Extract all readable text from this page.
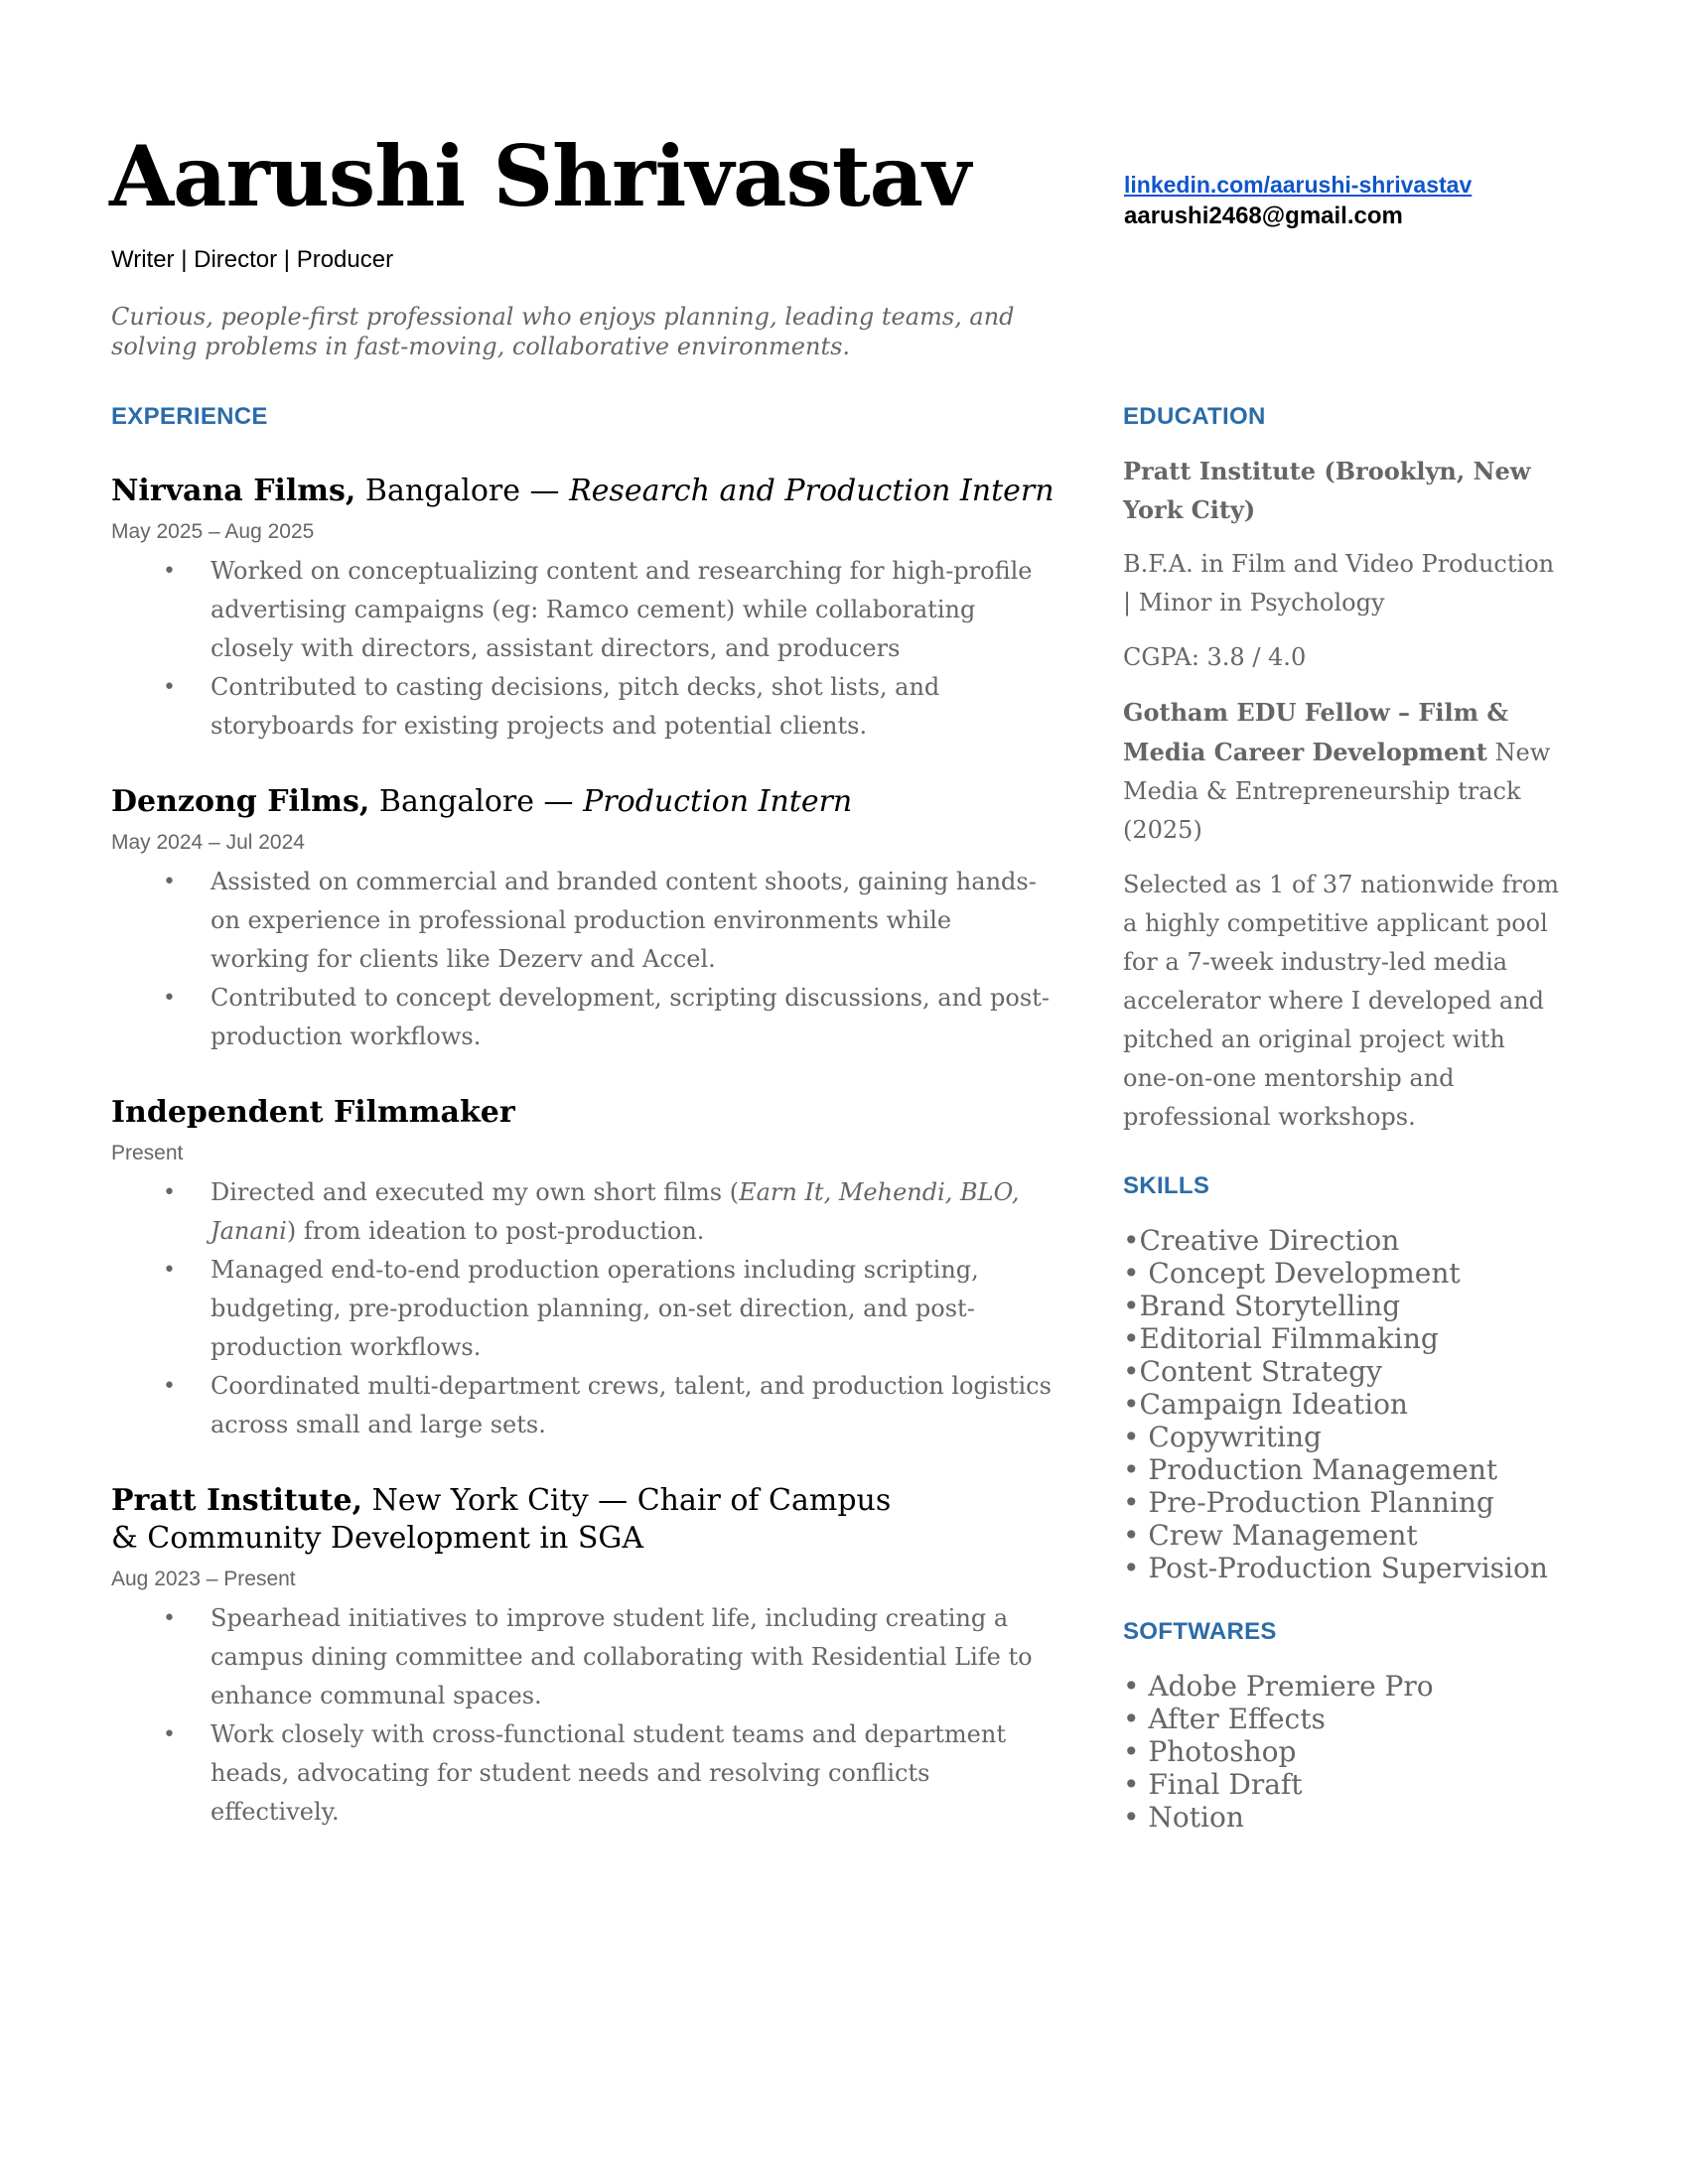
Aarushi Shrivastav
Writer | Director | Producer
Curious, people-first professional who enjoys planning, leading teams, and solving problems in fast-moving, collaborative environments.
linkedin.com/aarushi-shrivastav
aarushi2468@gmail.com
EXPERIENCE	EDUCATION
Nirvana Films, Bangalore — Research and Production Intern
May 2025 – Aug 2025
• Worked on conceptualizing content and researching for high-profile advertising campaigns (eg: Ramco cement) while collaborating closely with directors, assistant directors, and producers
• Contributed to casting decisions, pitch decks, shot lists, and storyboards for existing projects and potential clients.
Denzong Films, Bangalore — Production Intern
May 2024 – Jul 2024
• Assisted on commercial and branded content shoots, gaining hands-on experience in professional production environments while working for clients like Dezerv and Accel.
• Contributed to concept development, scripting discussions, and post-production workflows.
Independent Filmmaker
Present
• Directed and executed my own short films (Earn It, Mehendi, BLO, Janani) from ideation to post-production.
• Managed end-to-end production operations including scripting, budgeting, pre-production planning, on-set direction, and post-production workflows.
• Coordinated multi-department crews, talent, and production logistics across small and large sets.
Pratt Institute, New York City — Chair of Campus & Community Development in SGA
Aug 2023 – Present
• Spearhead initiatives to improve student life, including creating a campus dining committee and collaborating with Residential Life to enhance communal spaces.
• Work closely with cross-functional student teams and department heads, advocating for student needs and resolving conflicts effectively.

Pratt Institute (Brooklyn, New York City)

B.F.A. in Film and Video Production | Minor in Psychology

CGPA: 3.8 / 4.0

Gotham EDU Fellow – Film & Media Career Development New Media & Entrepreneurship track (2025)

Selected as 1 of 37 nationwide from a highly competitive applicant pool for a 7-week industry-led media accelerator where I developed and pitched an original project with one-on-one mentorship and professional workshops.

SKILLS
•Creative Direction
• Concept Development
•Brand Storytelling
•Editorial Filmmaking
•Content Strategy
•Campaign Ideation
• Copywriting
• Production Management
• Pre-Production Planning
• Crew Management
• Post-Production Supervision
SOFTWARES
• Adobe Premiere Pro
• After Effects
• Photoshop
• Final Draft
• Notion
